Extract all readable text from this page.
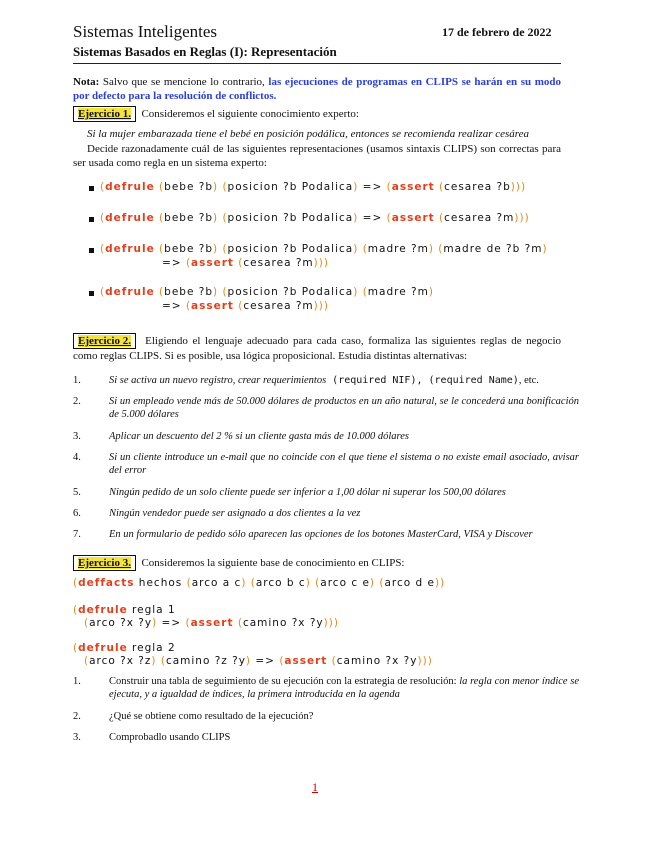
Sistemas Inteligentes	17 de febrero de 2022
Sistemas Basados en Reglas (I): Representación
Nota: Salvo que se mencione lo contrario, las ejecuciones de programas en CLIPS se harán en su modo por defecto para la resolución de conflictos.
Ejercicio 1. Consideremos el siguiente conocimiento experto:
Si la mujer embarazada tiene el bebé en posición podálica, entonces se recomienda realizar cesárea
Decide razonadamente cuál de las siguientes representaciones (usamos sintaxis CLIPS) son correctas para ser usada como regla en un sistema experto:
(defrule (bebe ?b) (posicion ?b Podalica) => (assert (cesarea ?b)))
(defrule (bebe ?b) (posicion ?b Podalica) => (assert (cesarea ?m)))
(defrule (bebe ?b) (posicion ?b Podalica) (madre ?m) (madre de ?b ?m)
=> (assert (cesarea ?m)))
(defrule (bebe ?b) (posicion ?b Podalica) (madre ?m)
=> (assert (cesarea ?m)))
Ejercicio 2. Eligiendo el lenguaje adecuado para cada caso, formaliza las siguientes reglas de negocio como reglas CLIPS. Si es posible, usa lógica proposicional. Estudia distintas alternativas:
1.	Si se activa un nuevo registro, crear requerimientos (required NIF), (required Name), etc.
2.	Si un empleado vende más de 50.000 dólares de productos en un año natural, se le concederá una bonificación de 5.000 dólares
3.	Aplicar un descuento del 2 % si un cliente gasta más de 10.000 dólares
4.	Si un cliente introduce un e-mail que no coincide con el que tiene el sistema o no existe email asociado, avisar del error
5.	Ningún pedido de un solo cliente puede ser inferior a 1,00 dólar ni superar los 500,00 dólares
6.	Ningún vendedor puede ser asignado a dos clientes a la vez
7.	En un formulario de pedido sólo aparecen las opciones de los botones MasterCard, VISA y Discover
Ejercicio 3. Consideremos la siguiente base de conocimiento en CLIPS:
(deffacts hechos (arco a c) (arco b c) (arco c e) (arco d e))
(defrule regla 1
(arco ?x ?y) => (assert (camino ?x ?y)))
(defrule regla 2
(arco ?x ?z) (camino ?z ?y) => (assert (camino ?x ?y)))
1.	Construir una tabla de seguimiento de su ejecución con la estrategia de resolución: la regla con menor índice se ejecuta, y a igualdad de índices, la primera introducida en la agenda
2.	¿Qué se obtiene como resultado de la ejecución?
3.	Comprobadlo usando CLIPS
1
